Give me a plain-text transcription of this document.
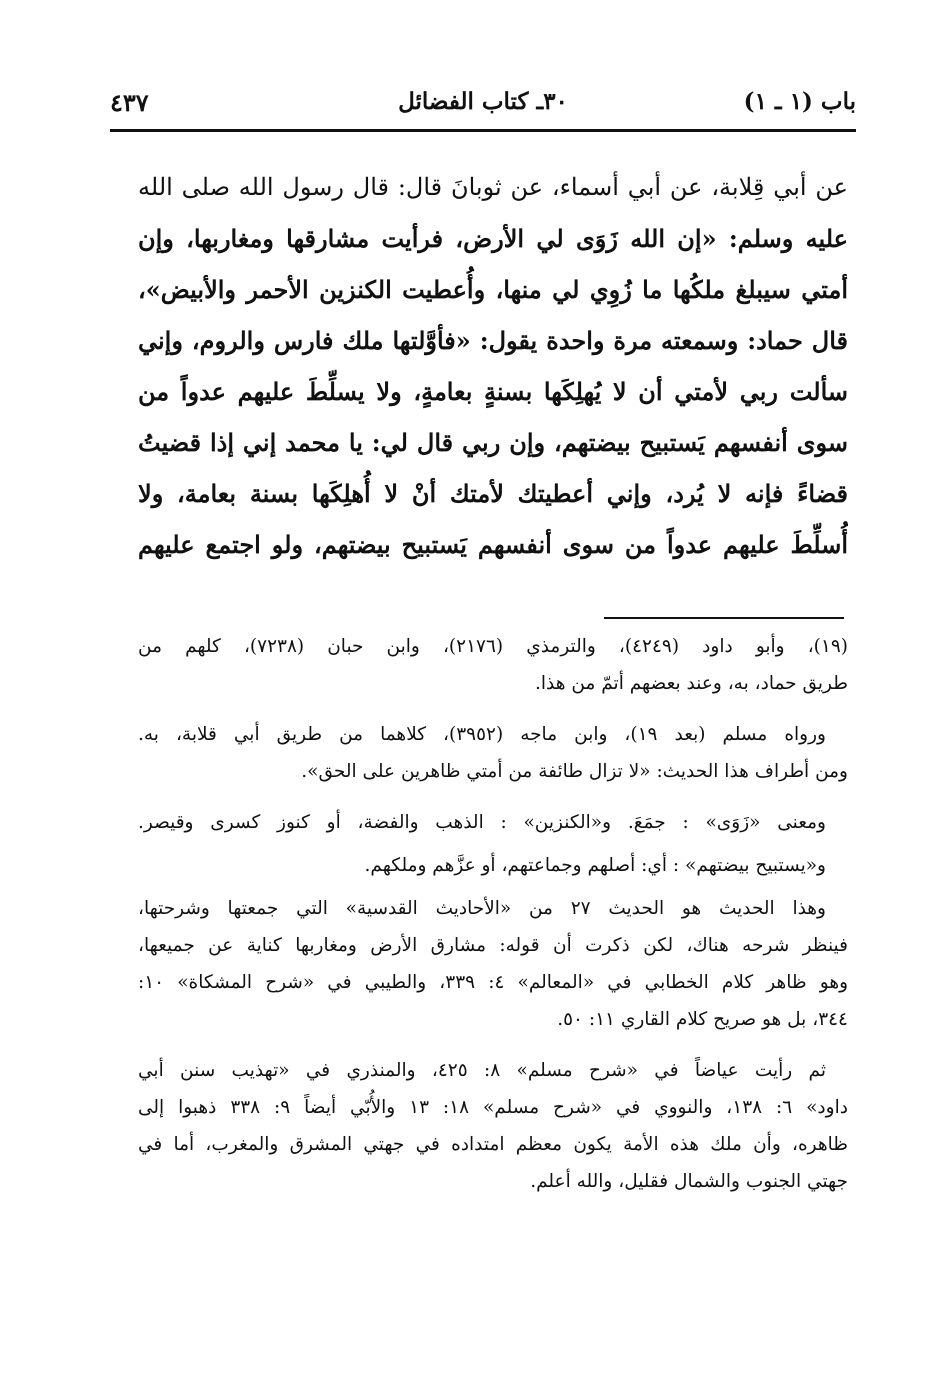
باب (١ ـ ١)
٣٠ـ كتاب الفضائل
٤٣٧
عن أبي قِلابة، عن أبي أسماء، عن ثوبانَ قال: قال رسول الله صلى الله
عليه وسلم: «إن الله زَوَى لي الأرض، فرأيت مشارقها ومغاربها، وإن
أمتي سيبلغ ملكُها ما زُوِي لي منها، وأُعطيت الكنزين الأحمر والأبيض»،
قال حماد: وسمعته مرة واحدة يقول: «فأوَّلتها ملك فارس والروم، وإني
سألت ربي لأمتي أن لا يُهلِكَها بسنةٍ بعامةٍ، ولا يسلِّطَ عليهم عدواً من
سوى أنفسهم يَستبيح بيضتهم، وإن ربي قال لي: يا محمد إني إذا قضيتُ
قضاءً فإنه لا يُرد، وإني أعطيتك لأمتك أنْ لا أُهلِكَها بسنة بعامة، ولا
أُسلِّطَ عليهم عدواً من سوى أنفسهم يَستبيح بيضتهم، ولو اجتمع عليهم
(١٩)، وأبو داود (٤٢٤٩)، والترمذي (٢١٧٦)، وابن حبان (٧٢٣٨)، كلهم من
طريق حماد، به، وعند بعضهم أتمّ من هذا.
ورواه مسلم (بعد ١٩)، وابن ماجه (٣٩٥٢)، كلاهما من طريق أبي قلابة، به.
ومن أطراف هذا الحديث: «لا تزال طائفة من أمتي ظاهرين على الحق».
ومعنى «زَوَى» : جمَعَ. و«الكنزين» : الذهب والفضة، أو كنوز كسرى وقيصر.
و«يستبيح بيضتهم» : أي: أصلهم وجماعتهم، أو عزَّهم وملكهم.
وهذا الحديث هو الحديث ٢٧ من «الأحاديث القدسية» التي جمعتها وشرحتها،
فينظر شرحه هناك، لكن ذكرت أن قوله: مشارق الأرض ومغاربها كناية عن جميعها،
وهو ظاهر كلام الخطابي في «المعالم» ٤: ٣٣٩، والطيبي في «شرح المشكاة» ١٠:
٣٤٤، بل هو صريح كلام القاري ١١: ٥٠.
ثم رأيت عياضاً في «شرح مسلم» ٨: ٤٢٥، والمنذري في «تهذيب سنن أبي
داود» ٦: ١٣٨، والنووي في «شرح مسلم» ١٨: ١٣ والأُبّي أيضاً ٩: ٣٣٨ ذهبوا إلى
ظاهره، وأن ملك هذه الأمة يكون معظم امتداده في جهتي المشرق والمغرب، أما في
جهتي الجنوب والشمال فقليل، والله أعلم.
